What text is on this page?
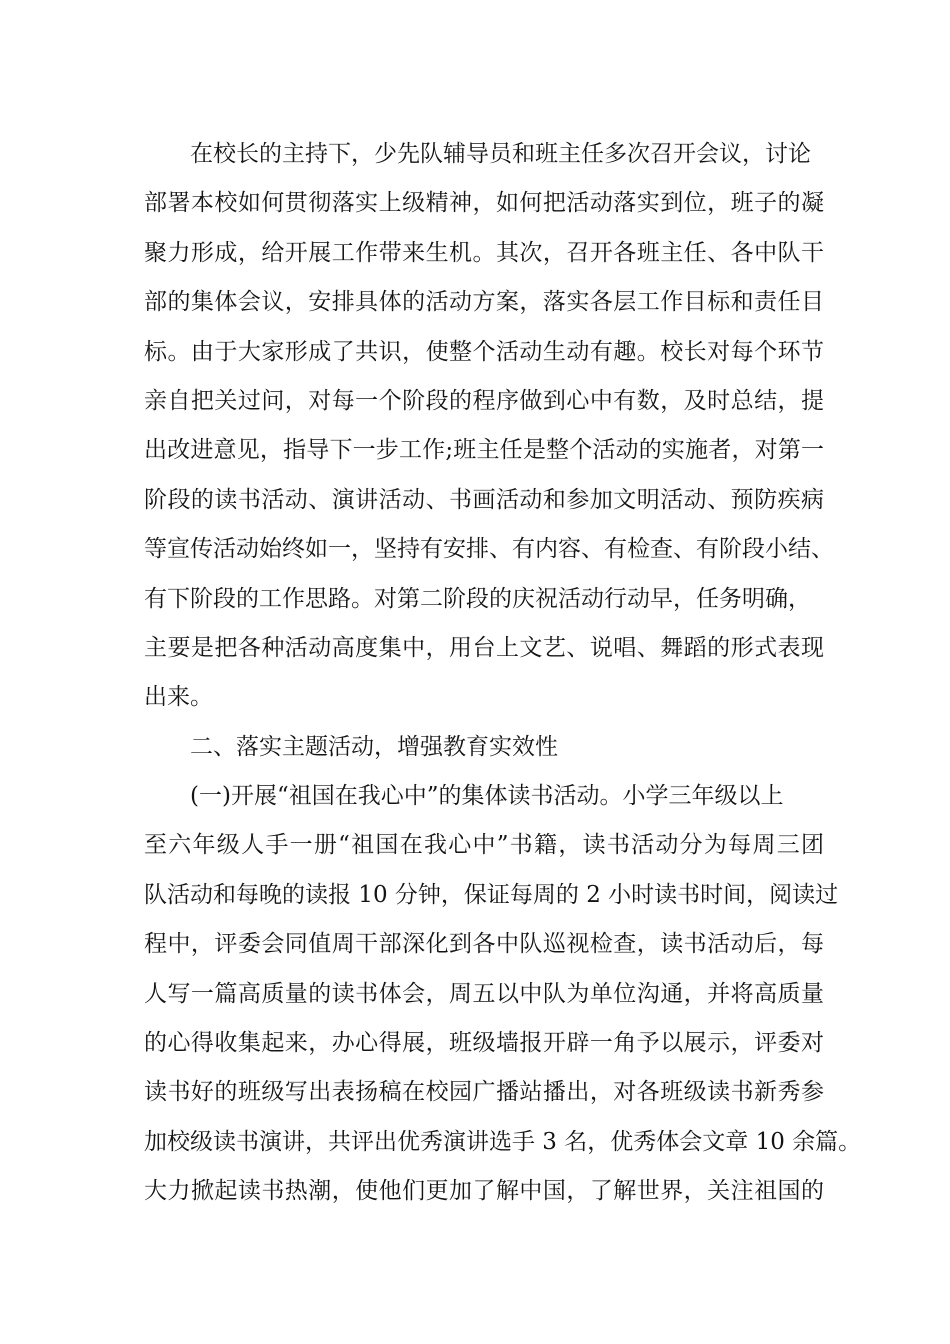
在校长的主持下，少先队辅导员和班主任多次召开会议，讨论
部署本校如何贯彻落实上级精神，如何把活动落实到位，班子的凝
聚力形成，给开展工作带来生机。其次，召开各班主任、各中队干
部的集体会议，安排具体的活动方案，落实各层工作目标和责任目
标。由于大家形成了共识，使整个活动生动有趣。校长对每个环节
亲自把关过问，对每一个阶段的程序做到心中有数，及时总结，提
出改进意见，指导下一步工作;班主任是整个活动的实施者，对第一
阶段的读书活动、演讲活动、书画活动和参加文明活动、预防疾病
等宣传活动始终如一，坚持有安排、有内容、有检查、有阶段小结、
有下阶段的工作思路。对第二阶段的庆祝活动行动早，任务明确，
主要是把各种活动高度集中，用台上文艺、说唱、舞蹈的形式表现
出来。
二、落实主题活动，增强教育实效性
(一)开展“祖国在我心中”的集体读书活动。小学三年级以上
至六年级人手一册“祖国在我心中”书籍，读书活动分为每周三团
队活动和每晚的读报 10 分钟，保证每周的 2 小时读书时间，阅读过
程中，评委会同值周干部深化到各中队巡视检查，读书活动后，每
人写一篇高质量的读书体会，周五以中队为单位沟通，并将高质量
的心得收集起来，办心得展，班级墙报开辟一角予以展示，评委对
读书好的班级写出表扬稿在校园广播站播出，对各班级读书新秀参
加校级读书演讲，共评出优秀演讲选手 3 名，优秀体会文章 10 余篇。
大力掀起读书热潮，使他们更加了解中国，了解世界，关注祖国的
